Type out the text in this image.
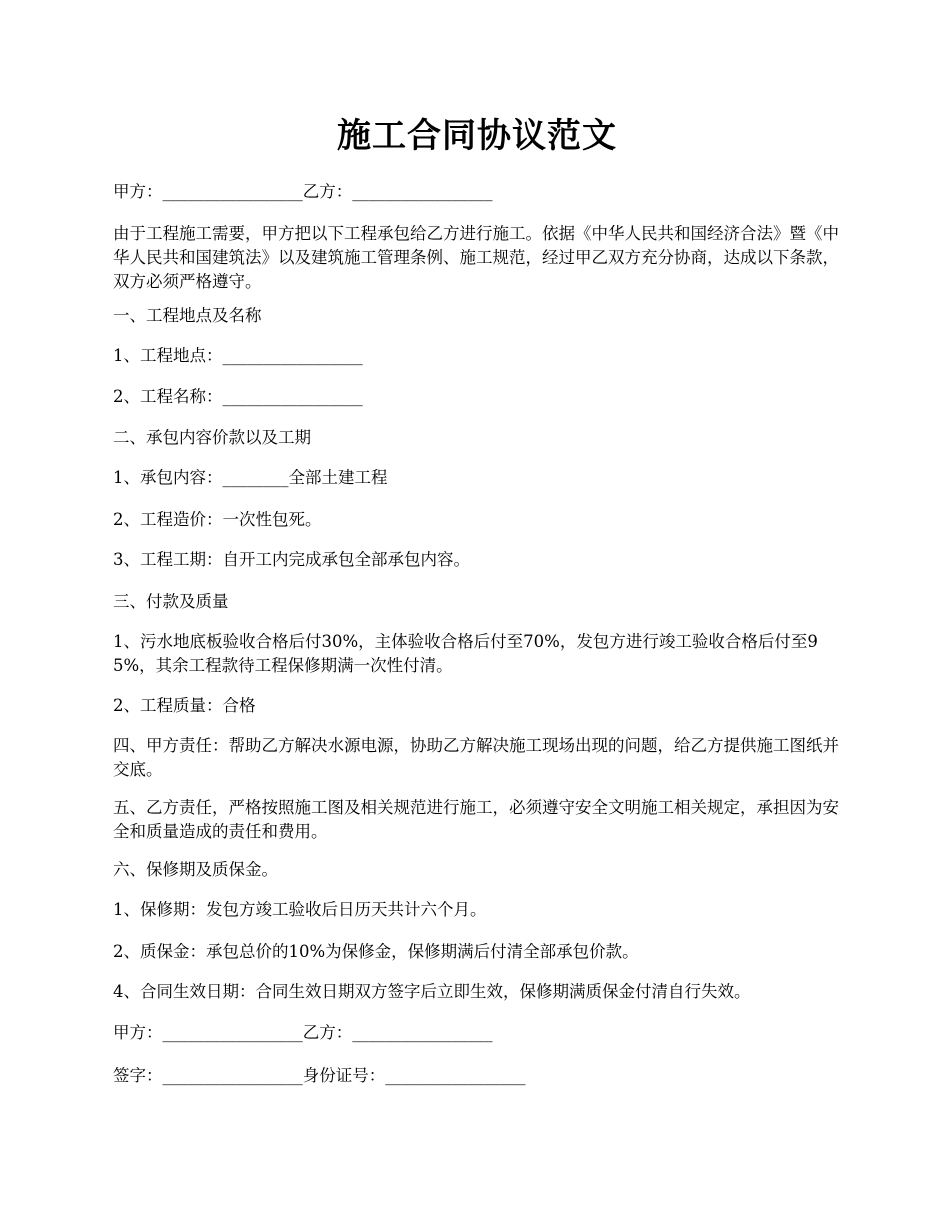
施工合同协议范文
甲方：_________________乙方：_________________
由于工程施工需要，甲方把以下工程承包给乙方进行施工。依据《中华人民共和国经济合法》暨《中华人民共和国建筑法》以及建筑施工管理条例、施工规范，经过甲乙双方充分协商，达成以下条款，双方必须严格遵守。
一、工程地点及名称
1、工程地点：_________________
2、工程名称：_________________
二、承包内容价款以及工期
1、承包内容：________全部土建工程
2、工程造价：一次性包死。
3、工程工期：自开工内完成承包全部承包内容。
三、付款及质量
1、污水地底板验收合格后付30%，主体验收合格后付至70%，发包方进行竣工验收合格后付至95%，其余工程款待工程保修期满一次性付清。
2、工程质量：合格
四、甲方责任：帮助乙方解决水源电源，协助乙方解决施工现场出现的问题，给乙方提供施工图纸并交底。
五、乙方责任，严格按照施工图及相关规范进行施工，必须遵守安全文明施工相关规定，承担因为安全和质量造成的责任和费用。
六、保修期及质保金。
1、保修期：发包方竣工验收后日历天共计六个月。
2、质保金：承包总价的10%为保修金，保修期满后付清全部承包价款。
4、合同生效日期：合同生效日期双方签字后立即生效，保修期满质保金付清自行失效。
甲方：_________________乙方：_________________
签字：_________________身份证号：_________________
